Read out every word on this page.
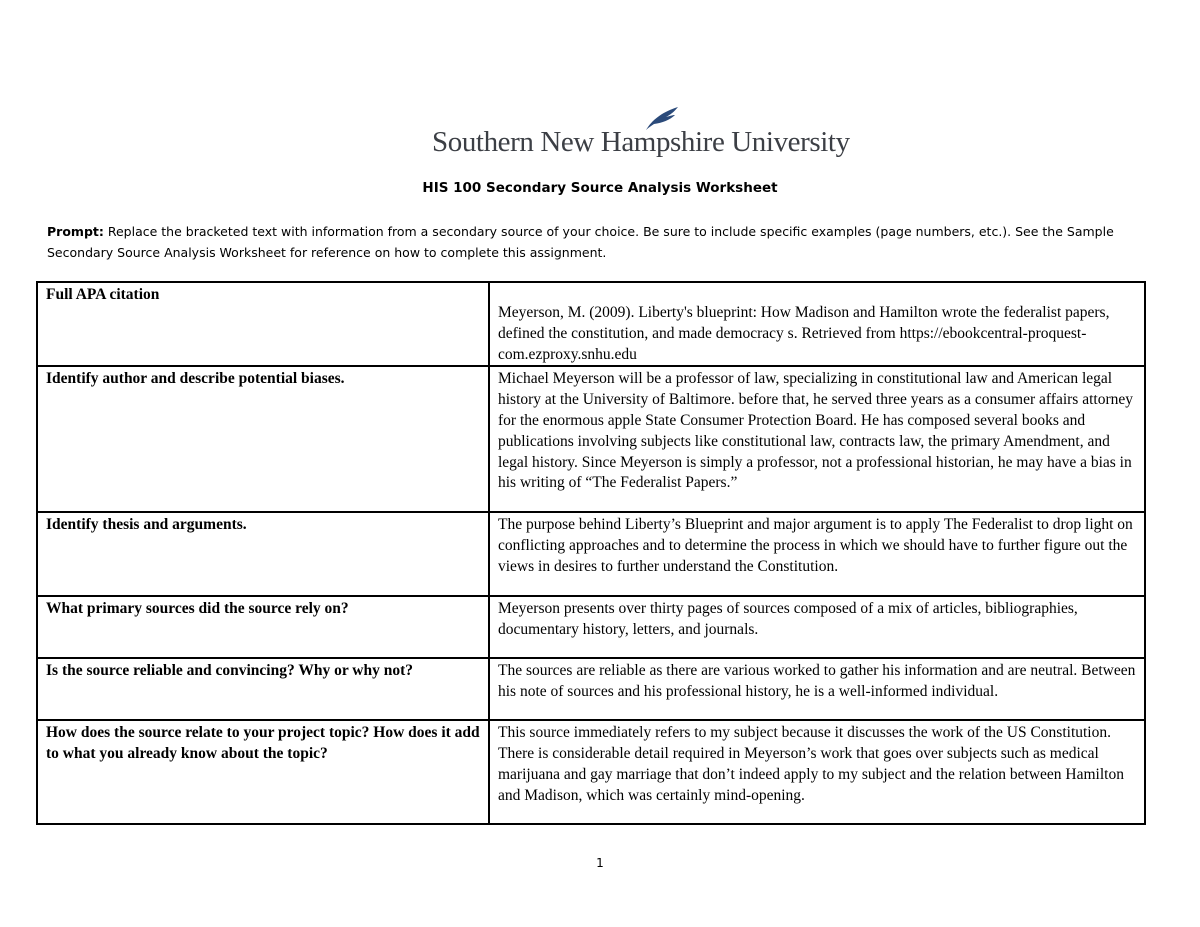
Southern New Hampshire University
HIS 100 Secondary Source Analysis Worksheet
Prompt: Replace the bracketed text with information from a secondary source of your choice. Be sure to include specific examples (page numbers, etc.). See the Sample Secondary Source Analysis Worksheet for reference on how to complete this assignment.
Full APA citation	Meyerson, M. (2009). Liberty's blueprint: How Madison and Hamilton wrote the federalist papers, defined the constitution, and made democracy s. Retrieved from https://ebookcentral-proquest- com.ezproxy.snhu.edu
Identify author and describe potential biases.	Michael Meyerson will be a professor of law, specializing in constitutional law and American legal history at the University of Baltimore. before that, he served three years as a consumer affairs attorney for the enormous apple State Consumer Protection Board. He has composed several books and publications involving subjects like constitutional law, contracts law, the primary Amendment, and legal history. Since Meyerson is simply a professor, not a professional historian, he may have a bias in his writing of “The Federalist Papers.”
Identify thesis and arguments.	The purpose behind Liberty’s Blueprint and major argument is to apply The Federalist to drop light on conflicting approaches and to determine the process in which we should have to further figure out the views in desires to further understand the Constitution.
What primary sources did the source rely on?	Meyerson presents over thirty pages of sources composed of a mix of articles, bibliographies, documentary history, letters, and journals.
Is the source reliable and convincing? Why or why not?	The sources are reliable as there are various worked to gather his information and are neutral. Between his note of sources and his professional history, he is a well-informed individual.
How does the source relate to your project topic? How does it add to what you already know about the topic?	This source immediately refers to my subject because it discusses the work of the US Constitution. There is considerable detail required in Meyerson’s work that goes over subjects such as medical marijuana and gay marriage that don’t indeed apply to my subject and the relation between Hamilton and Madison, which was certainly mind-opening.
1
